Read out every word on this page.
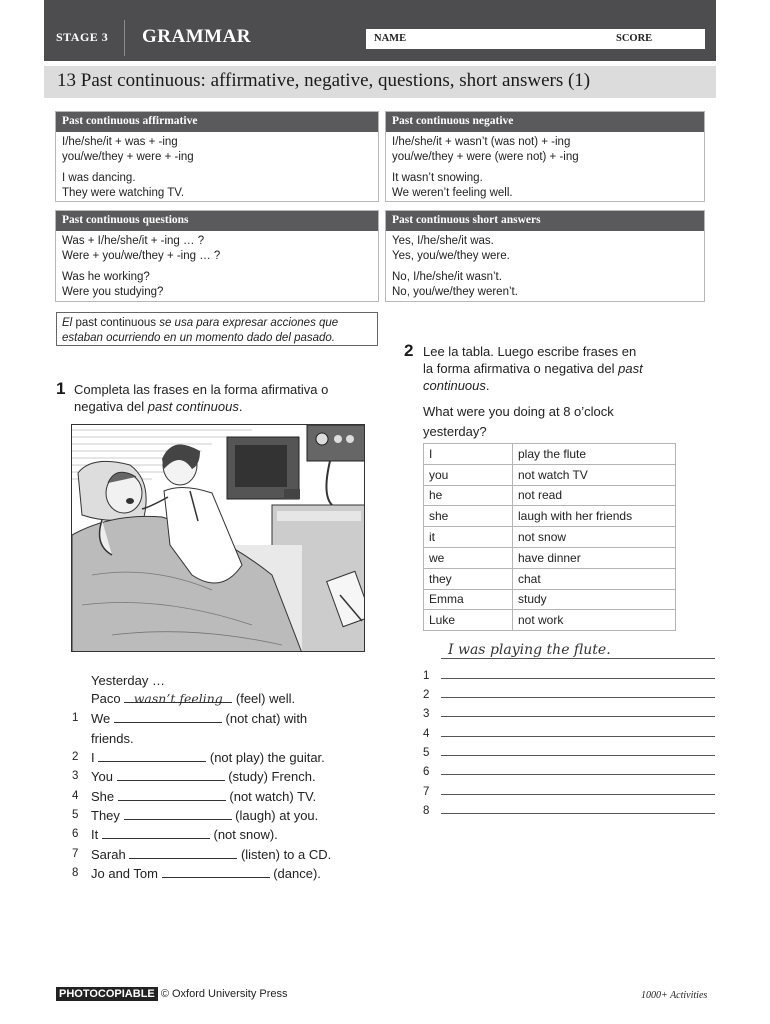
STAGE 3 GRAMMAR	NAME	SCORE
13 Past continuous: affirmative, negative, questions, short answers (1)
Past continuous affirmative
I/he/she/it + was + -ing
you/we/they + were + -ing
I was dancing.
They were watching TV.
Past continuous negative
I/he/she/it + wasn’t (was not) + -ing
you/we/they + were (were not) + -ing
It wasn’t snowing.
We weren’t feeling well.
Past continuous questions
Was + I/he/she/it + -ing … ?
Were + you/we/they + -ing … ?
Was he working?
Were you studying?
Past continuous short answers
Yes, I/he/she/it was.
Yes, you/we/they were.
No, I/he/she/it wasn’t.
No, you/we/they weren’t.
El past continuous se usa para expresar acciones que
estaban ocurriendo en un momento dado del pasado.
1 Completa las frases en la forma afirmativa o
negativa del past continuous.
Yesterday …
Paco wasn’t feeling (feel) well.
1 We	(not chat) with
friends.
2 I	(not play) the guitar.
3 You	(study) French.
4 She	(not watch) TV.
5 They	(laugh) at you.
6 It	(not snow).
7 Sarah	(listen) to a CD.
8 Jo and Tom	(dance).
2 Lee la tabla. Luego escribe frases en
la forma afirmativa o negativa del past
continuous.
What were you doing at 8 o’clock
yesterday?
I	play the flute
you	not watch TV
he	not read
she	laugh with her friends
it	not snow
we	have dinner
they	chat
Emma	study
Luke	not work
I was playing the flute.
1
2
3
4
5
6
7
8
PHOTOCOPIABLE © Oxford University Press	1000+ Activities
